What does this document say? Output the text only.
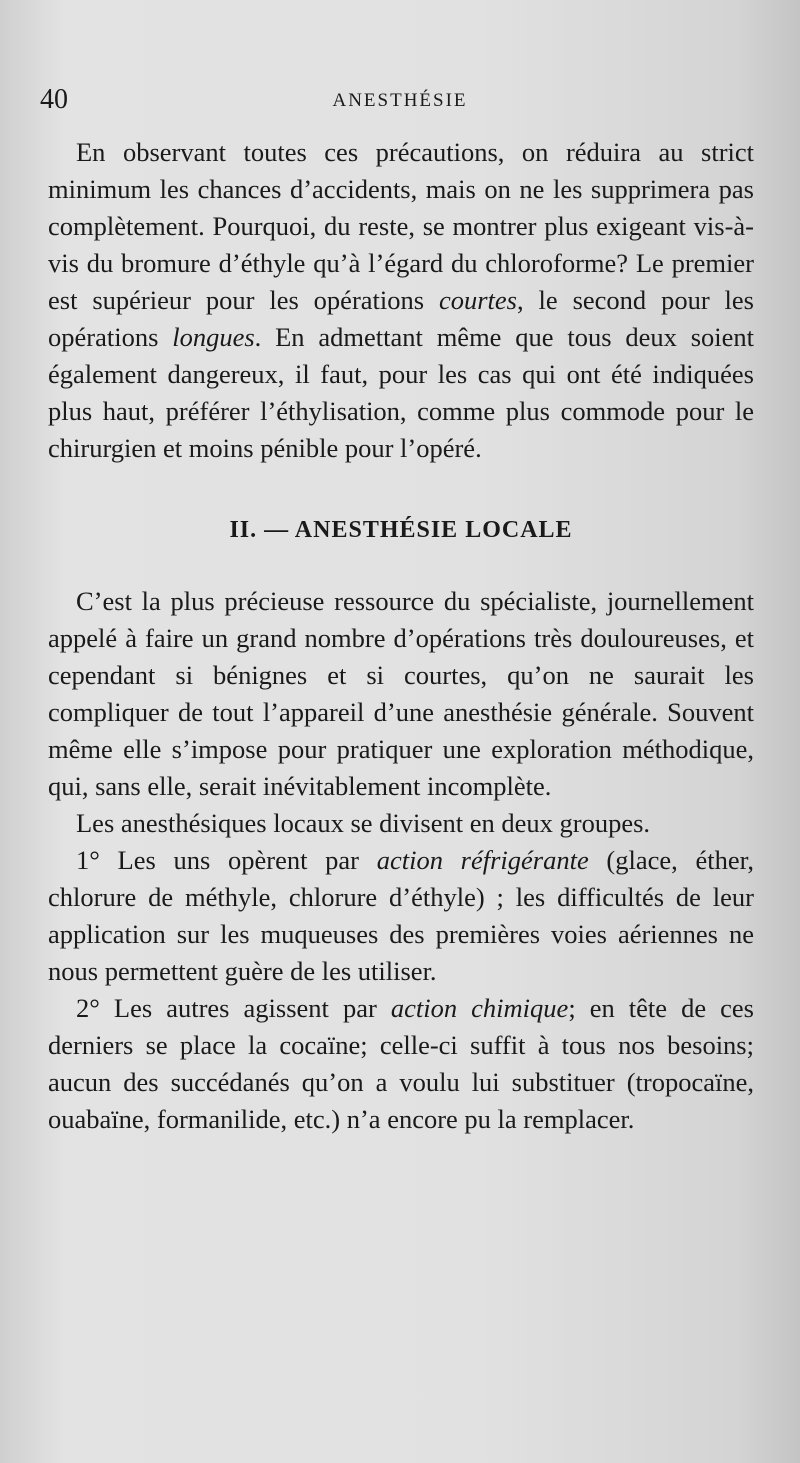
40	ANESTHÉSIE

En observant toutes ces précautions, on réduira au strict minimum les chances d’accidents, mais on ne les supprimera pas complètement. Pourquoi, du reste, se montrer plus exigeant vis-à-vis du bromure d’éthyle qu’à l’égard du chloroforme? Le premier est supérieur pour les opérations courtes, le second pour les opérations longues. En admettant même que tous deux soient également dangereux, il faut, pour les cas qui ont été indiquées plus haut, préférer l’éthylisation, comme plus commode pour le chirurgien et moins pénible pour l’opéré.

II. — ANESTHÉSIE LOCALE

C’est la plus précieuse ressource du spécialiste, journellement appelé à faire un grand nombre d’opérations très douloureuses, et cependant si bénignes et si courtes, qu’on ne saurait les compliquer de tout l’appareil d’une anesthésie générale. Souvent même elle s’impose pour pratiquer une exploration méthodique, qui, sans elle, serait inévitablement incomplète.

Les anesthésiques locaux se divisent en deux groupes.

1° Les uns opèrent par action réfrigérante (glace, éther, chlorure de méthyle, chlorure d’éthyle) ; les difficultés de leur application sur les muqueuses des premières voies aériennes ne nous permettent guère de les utiliser.

2° Les autres agissent par action chimique; en tête de ces derniers se place la cocaïne; celle-ci suffit à tous nos besoins; aucun des succédanés qu’on a voulu lui substituer (tropocaïne, ouabaïne, formanilide, etc.) n’a encore pu la remplacer.
